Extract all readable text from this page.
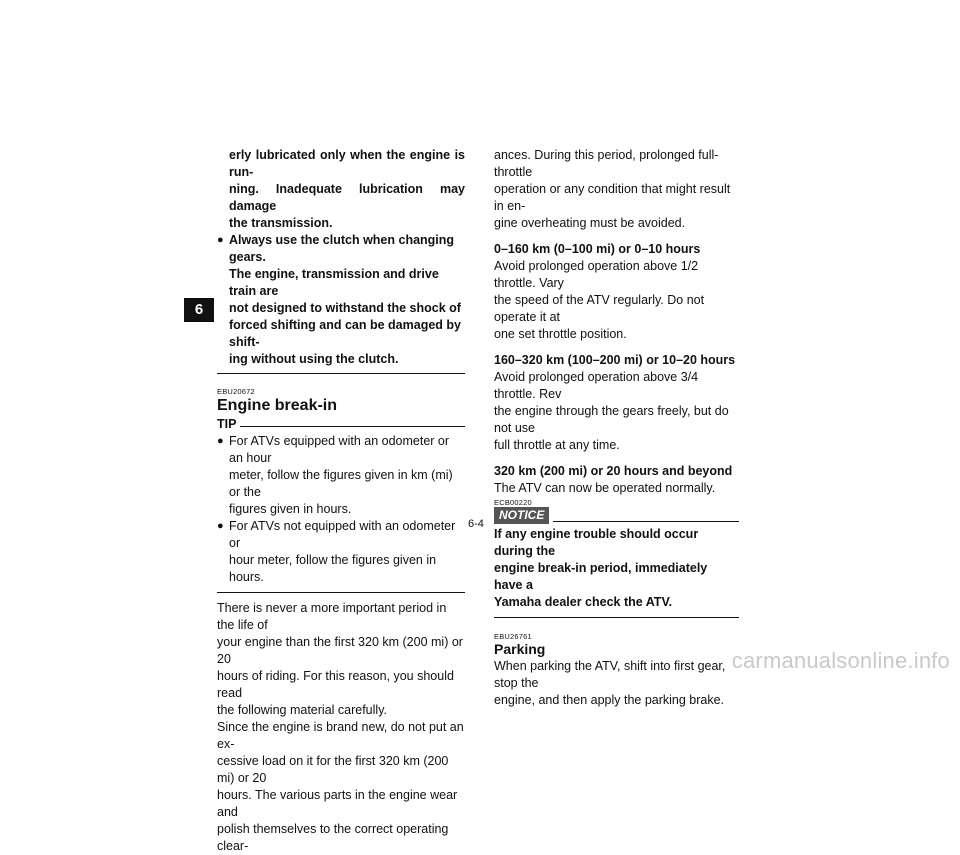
6
erly lubricated only when the engine is run-
ning. Inadequate lubrication may damage
the transmission.
● Always use the clutch when changing gears.
The engine, transmission and drive train are
not designed to withstand the shock of
forced shifting and can be damaged by shift-
ing without using the clutch.
EBU20672
Engine break-in
TIP
● For ATVs equipped with an odometer or an hour
meter, follow the figures given in km (mi) or the
figures given in hours.
● For ATVs not equipped with an odometer or
hour meter, follow the figures given in hours.
There is never a more important period in the life of
your engine than the first 320 km (200 mi) or 20
hours of riding. For this reason, you should read
the following material carefully.
Since the engine is brand new, do not put an ex-
cessive load on it for the first 320 km (200 mi) or 20
hours. The various parts in the engine wear and
polish themselves to the correct operating clear-
ances. During this period, prolonged full-throttle
operation or any condition that might result in en-
gine overheating must be avoided.
0–160 km (0–100 mi) or 0–10 hours
Avoid prolonged operation above 1/2 throttle. Vary
the speed of the ATV regularly. Do not operate it at
one set throttle position.
160–320 km (100–200 mi) or 10–20 hours
Avoid prolonged operation above 3/4 throttle. Rev
the engine through the gears freely, but do not use
full throttle at any time.
320 km (200 mi) or 20 hours and beyond
The ATV can now be operated normally.
ECB00220
NOTICE
If any engine trouble should occur during the
engine break-in period, immediately have a
Yamaha dealer check the ATV.
EBU26761
Parking
When parking the ATV, shift into first gear, stop the
engine, and then apply the parking brake.
6-4
carmanualsonline.info
